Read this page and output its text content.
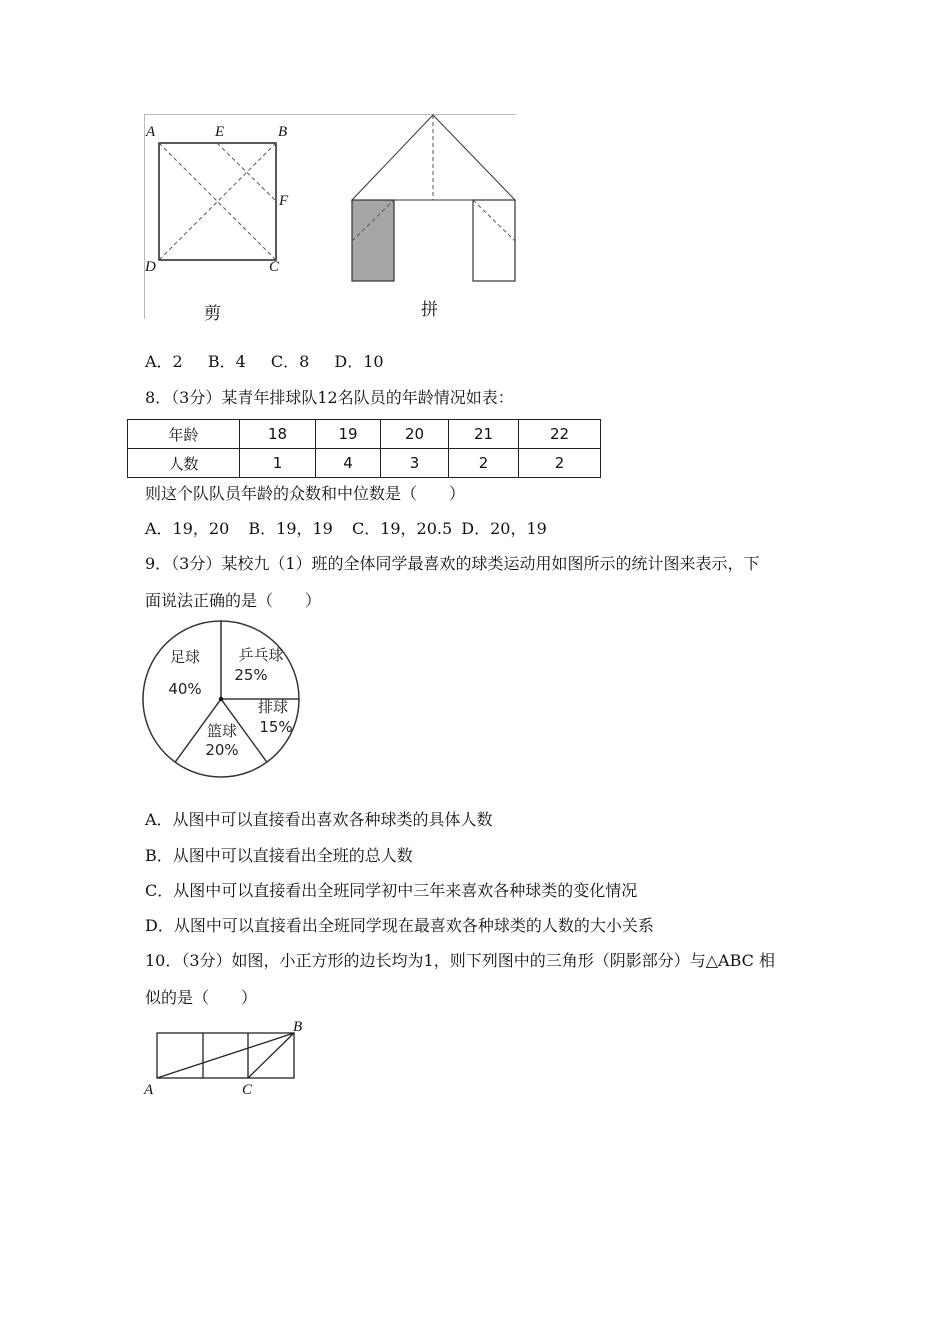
A	E	B
F
D	C
剪	拼
A．2 B．4 C．8 D．10
8．（3分）某青年排球队12名队员的年龄情况如表：
年龄	18	19	20	21	22
人数	1	4	3	2	2
则这个队队员年龄的众数和中位数是（　　）
A．19，20 B．19，19 C．19，20.5 D．20，19
9．（3分）某校九（1）班的全体同学最喜欢的球类运动用如图所示的统计图来表示，下
面说法正确的是（　　）
足球
40%
乒乓球
25%
排球
15%
篮球
20%
A．从图中可以直接看出喜欢各种球类的具体人数
B．从图中可以直接看出全班的总人数
C．从图中可以直接看出全班同学初中三年来喜欢各种球类的变化情况
D．从图中可以直接看出全班同学现在最喜欢各种球类的人数的大小关系
10．（3分）如图，小正方形的边长均为1，则下列图中的三角形（阴影部分）与△ABC 相
似的是（　　）
A
B
C
